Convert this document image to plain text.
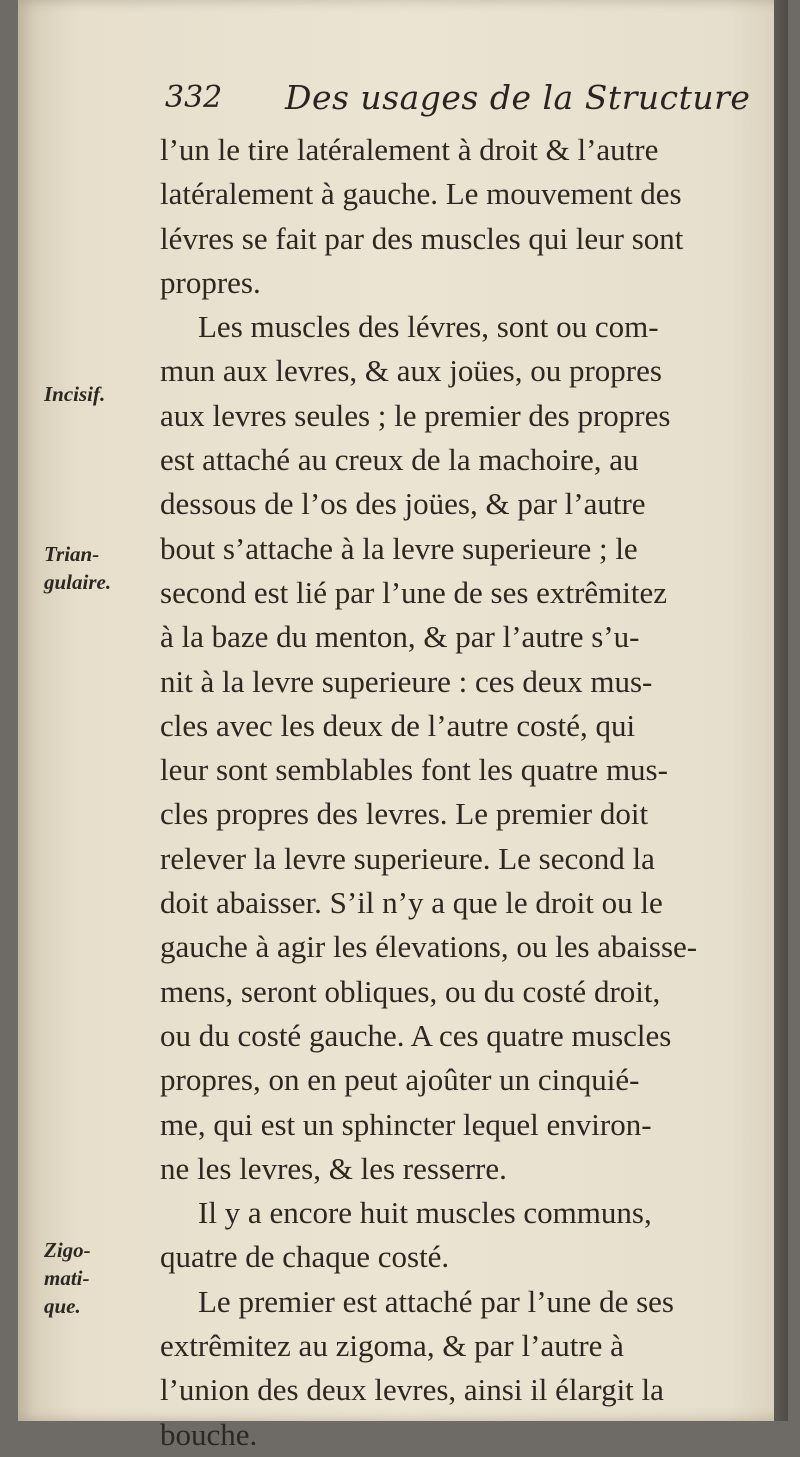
332 Des usages de la Structure
Incisif.
Trian-
gulaire.
Zigo-
mati-
que.
l’un le tire latéralement à droit & l’autre
latéralement à gauche. Le mouvement des
lévres se fait par des muscles qui leur sont
propres.
Les muscles des lévres, sont ou com-
mun aux levres, & aux joües, ou propres
aux levres seules ; le premier des propres
est attaché au creux de la machoire, au
dessous de l’os des joües, & par l’autre
bout s’attache à la levre superieure ; le
second est lié par l’une de ses extrêmitez
à la baze du menton, & par l’autre s’u-
nit à la levre superieure : ces deux mus-
cles avec les deux de l’autre costé, qui
leur sont semblables font les quatre mus-
cles propres des levres. Le premier doit
relever la levre superieure. Le second la
doit abaisser. S’il n’y a que le droit ou le
gauche à agir les élevations, ou les abaisse-
mens, seront obliques, ou du costé droit,
ou du costé gauche. A ces quatre muscles
propres, on en peut ajoûter un cinquié-
me, qui est un sphincter lequel environ-
ne les levres, & les resserre.
Il y a encore huit muscles communs,
quatre de chaque costé.
Le premier est attaché par l’une de ses
extrêmitez au zigoma, & par l’autre à
l’union des deux levres, ainsi il élargit la
bouche.
